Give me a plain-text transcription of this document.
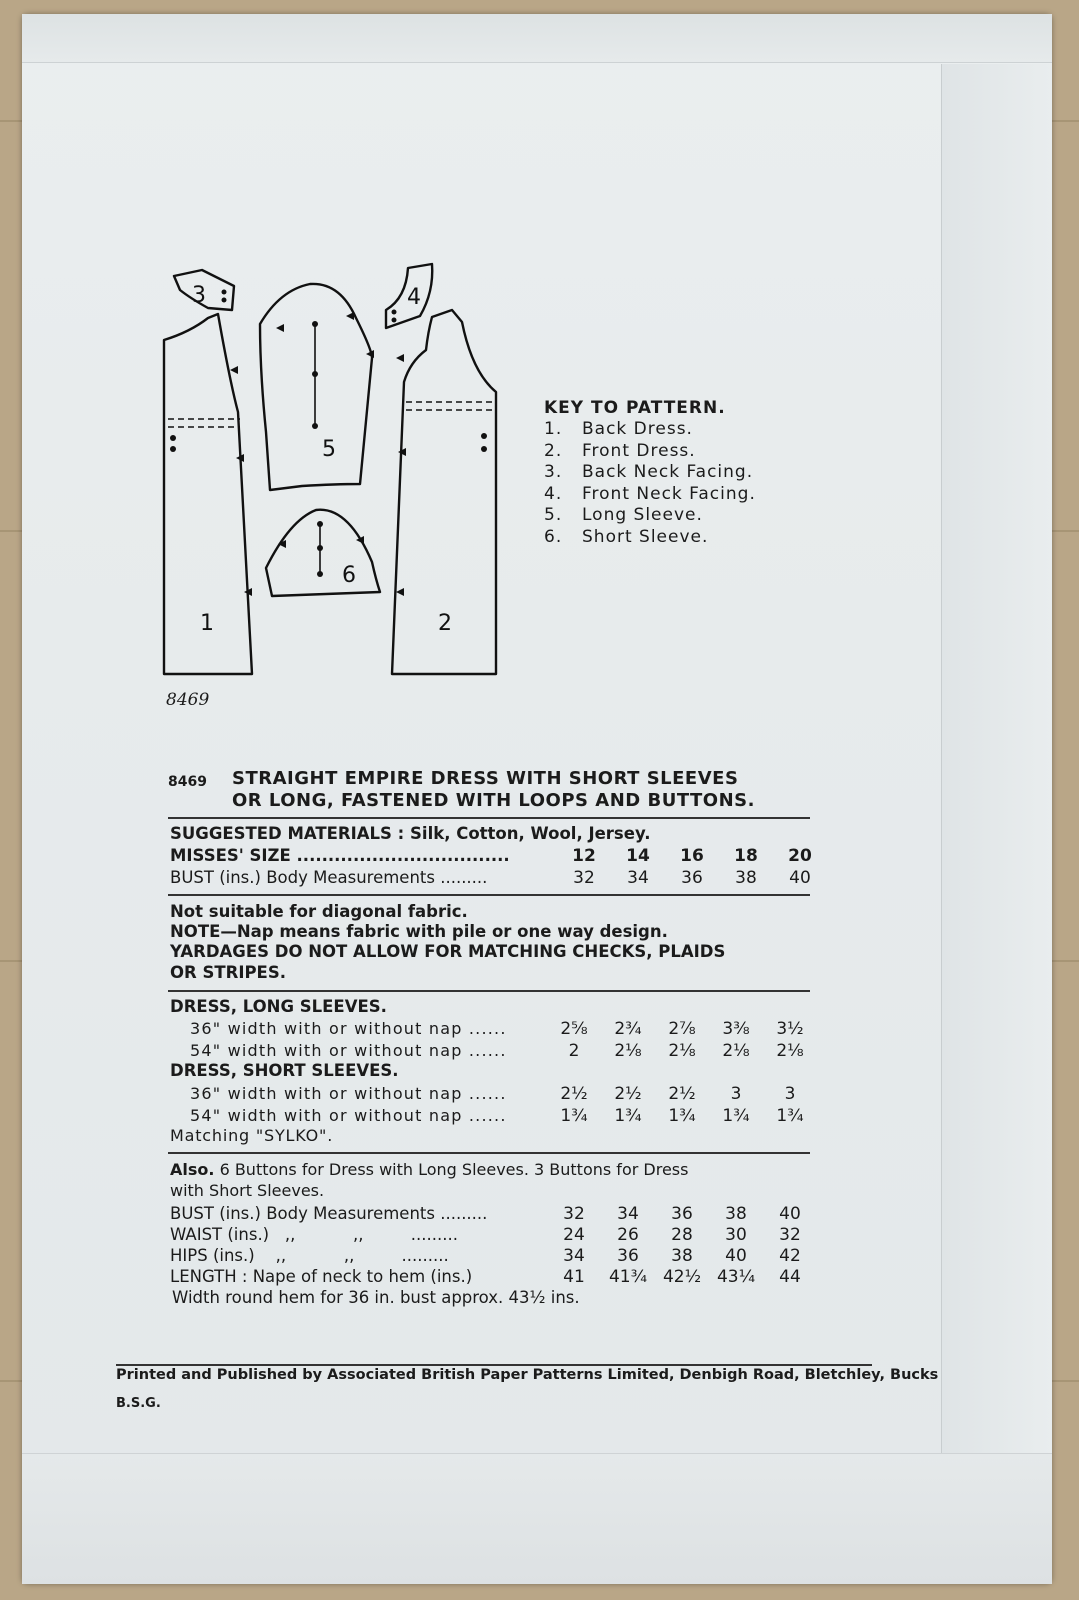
1	2
3	4
5
6
8469
KEY TO PATTERN.
1. Back Dress.
2. Front Dress.
3. Back Neck Facing.
4. Front Neck Facing.
5. Long Sleeve.
6. Short Sleeve.
8469 STRAIGHT EMPIRE DRESS WITH SHORT SLEEVES
OR LONG, FASTENED WITH LOOPS AND BUTTONS.
SUGGESTED MATERIALS : Silk, Cotton, Wool, Jersey.
MISSES' SIZE ..................................	12	14	16	18	20
BUST (ins.) Body Measurements .........	32	34	36	38	40
Not suitable for diagonal fabric.
NOTE—Nap means fabric with pile or one way design.
YARDAGES DO NOT ALLOW FOR MATCHING CHECKS, PLAIDS
OR STRIPES.
DRESS, LONG SLEEVES.
36" width with or without nap ......	2⅝	2¾	2⅞	3⅜	3½
54" width with or without nap ......	2	2⅛	2⅛	2⅛	2⅛
DRESS, SHORT SLEEVES.
36" width with or without nap ......	2½	2½	2½	3	3
54" width with or without nap ......	1¾	1¾	1¾	1¾	1¾
Matching "SYLKO".
Also. 6 Buttons for Dress with Long Sleeves. 3 Buttons for Dress
with Short Sleeves.
BUST (ins.) Body Measurements .........	32	34	36	38	40
WAIST (ins.)   ,,           ,,         .........	24	26	28	30	32
HIPS (ins.)    ,,           ,,         .........	34	36	38	40	42
LENGTH : Nape of neck to hem (ins.)	41	41¾ 42½ 43¼	44
Width round hem for 36 in. bust approx. 43½ ins.
Printed and Published by Associated British Paper Patterns Limited, Denbigh Road, Bletchley, Bucks
B.S.G.
